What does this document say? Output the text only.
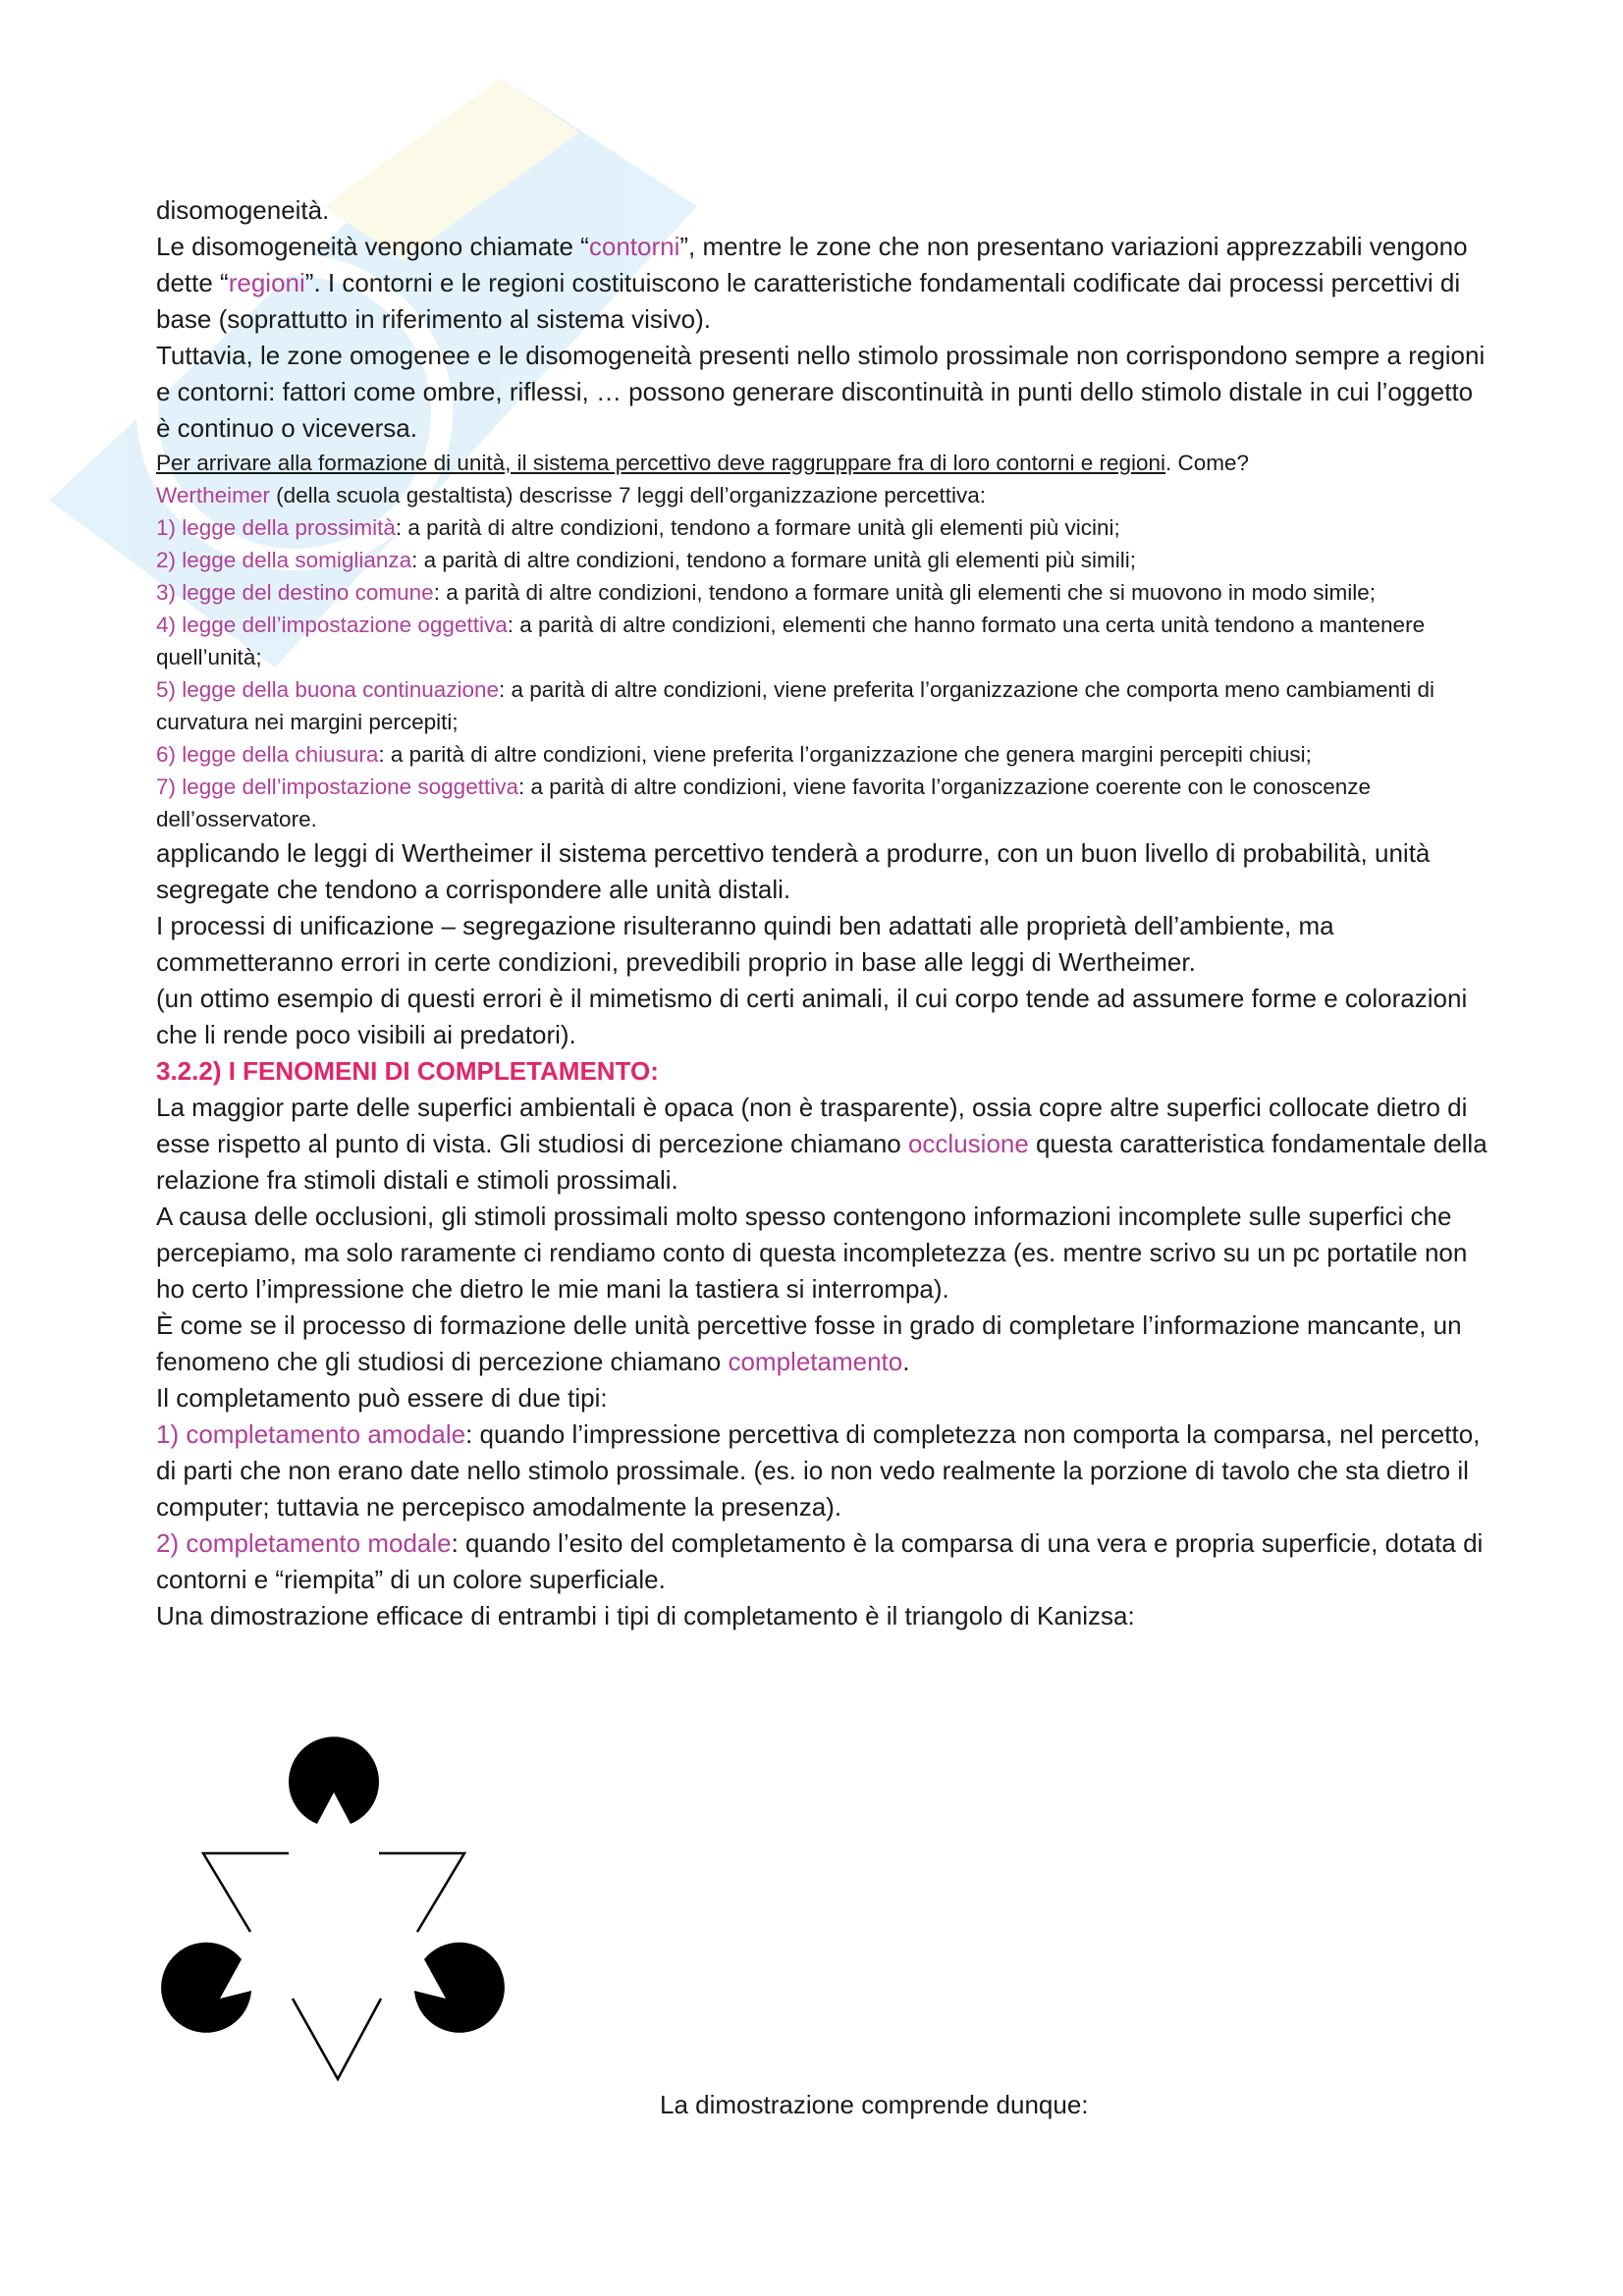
disomogeneità.

Le disomogeneità vengono chiamate “contorni”, mentre le zone che non presentano variazioni apprezzabili vengono dette “regioni”. I contorni e le regioni costituiscono le caratteristiche fondamentali codificate dai processi percettivi di base (soprattutto in riferimento al sistema visivo).

Tuttavia, le zone omogenee e le disomogeneità presenti nello stimolo prossimale non corrispondono sempre a regioni e contorni: fattori come ombre, riflessi, … possono generare discontinuità in punti dello stimolo distale in cui l’oggetto è continuo o viceversa.

Per arrivare alla formazione di unità, il sistema percettivo deve raggruppare fra di loro contorni e regioni. Come?

Wertheimer (della scuola gestaltista) descrisse 7 leggi dell’organizzazione percettiva:

1) legge della prossimità: a parità di altre condizioni, tendono a formare unità gli elementi più vicini;

2) legge della somiglianza: a parità di altre condizioni, tendono a formare unità gli elementi più simili;

3) legge del destino comune: a parità di altre condizioni, tendono a formare unità gli elementi che si muovono in modo simile;

4) legge dell’impostazione oggettiva: a parità di altre condizioni, elementi che hanno formato una certa unità tendono a mantenere quell’unità;

5) legge della buona continuazione: a parità di altre condizioni, viene preferita l’organizzazione che comporta meno cambiamenti di curvatura nei margini percepiti;

6) legge della chiusura: a parità di altre condizioni, viene preferita l’organizzazione che genera margini percepiti chiusi;

7) legge dell’impostazione soggettiva: a parità di altre condizioni, viene favorita l’organizzazione coerente con le conoscenze dell’osservatore.

applicando le leggi di Wertheimer il sistema percettivo tenderà a produrre, con un buon livello di probabilità, unità segregate che tendono a corrispondere alle unità distali.

I processi di unificazione – segregazione risulteranno quindi ben adattati alle proprietà dell’ambiente, ma commetteranno errori in certe condizioni, prevedibili proprio in base alle leggi di Wertheimer.

(un ottimo esempio di questi errori è il mimetismo di certi animali, il cui corpo tende ad assumere forme e colorazioni che li rende poco visibili ai predatori).

3.2.2) I FENOMENI DI COMPLETAMENTO:

La maggior parte delle superfici ambientali è opaca (non è trasparente), ossia copre altre superfici collocate dietro di esse rispetto al punto di vista. Gli studiosi di percezione chiamano occlusione questa caratteristica fondamentale della relazione fra stimoli distali e stimoli prossimali.

A causa delle occlusioni, gli stimoli prossimali molto spesso contengono informazioni incomplete sulle superfici che percepiamo, ma solo raramente ci rendiamo conto di questa incompletezza (es. mentre scrivo su un pc portatile non ho certo l’impressione che dietro le mie mani la tastiera si interrompa).

È come se il processo di formazione delle unità percettive fosse in grado di completare l’informazione mancante, un fenomeno che gli studiosi di percezione chiamano completamento.

Il completamento può essere di due tipi:

1) completamento amodale: quando l’impressione percettiva di completezza non comporta la comparsa, nel percetto, di parti che non erano date nello stimolo prossimale. (es. io non vedo realmente la porzione di tavolo che sta dietro il computer; tuttavia ne percepisco amodalmente la presenza).

2) completamento modale: quando l’esito del completamento è la comparsa di una vera e propria superficie, dotata di contorni e “riempita” di un colore superficiale.

Una dimostrazione efficace di entrambi i tipi di completamento è il triangolo di Kanizsa:

La dimostrazione comprende dunque:
